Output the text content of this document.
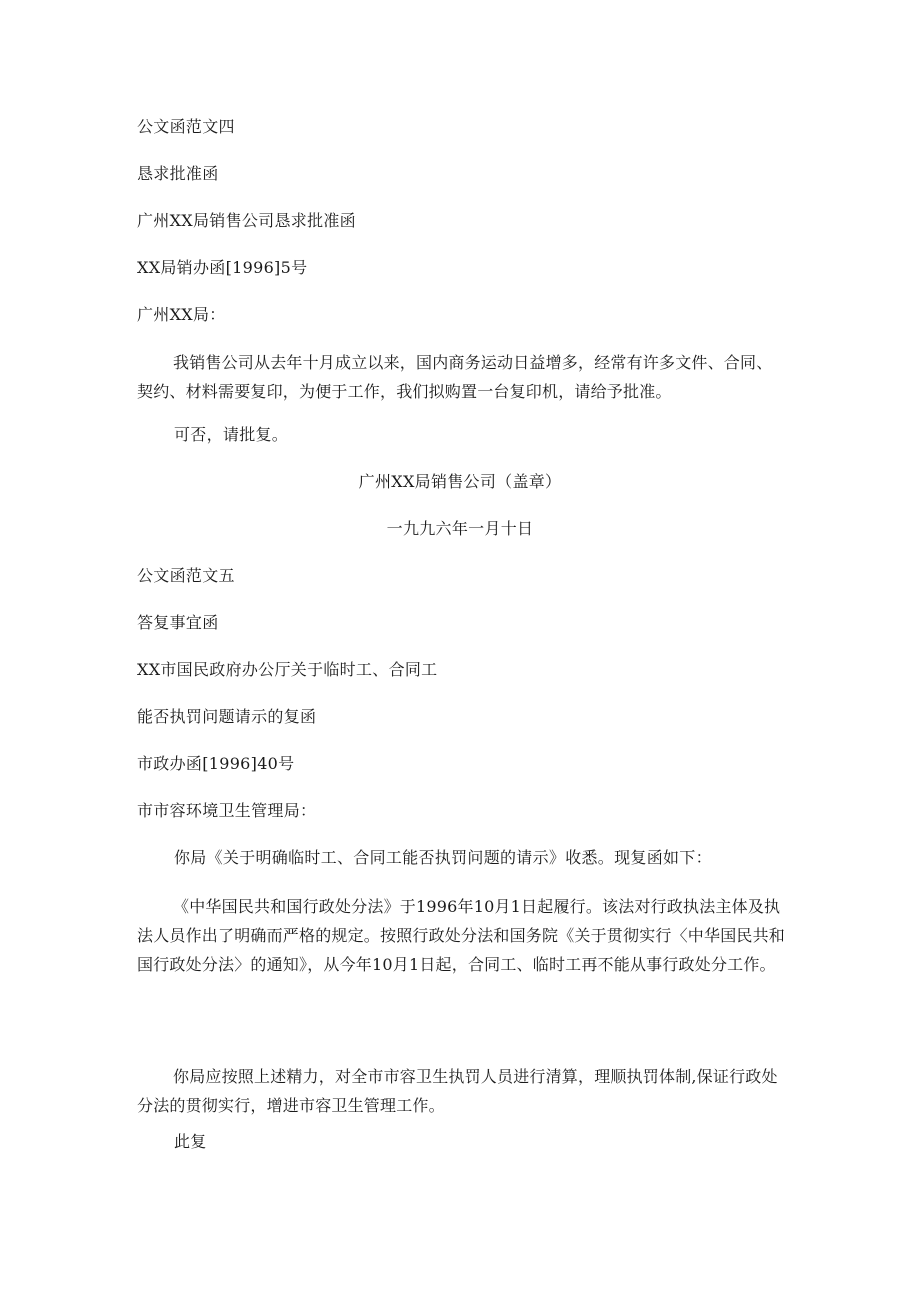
公文函范文四
恳求批准函
广州XX局销售公司恳求批准函
XX局销办函[1996]5号
广州XX局：
我销售公司从去年十月成立以来，国内商务运动日益增多，经常有许多文件、合同、契约、材料需要复印，为便于工作，我们拟购置一台复印机，请给予批准。
可否，请批复。
广州XX局销售公司（盖章）
一九九六年一月十日
公文函范文五
答复事宜函
XX市国民政府办公厅关于临时工、合同工
能否执罚问题请示的复函
市政办函[1996]40号
市市容环境卫生管理局：
你局《关于明确临时工、合同工能否执罚问题的请示》收悉。现复函如下：
《中华国民共和国行政处分法》于1996年10月1日起履行。该法对行政执法主体及执法人员作出了明确而严格的规定。按照行政处分法和国务院《关于贯彻实行〈中华国民共和国行政处分法〉的通知》，从今年10月1日起，合同工、临时工再不能从事行政处分工作。
你局应按照上述精力，对全市市容卫生执罚人员进行清算，理顺执罚体制,保证行政处分法的贯彻实行，增进市容卫生管理工作。
此复
